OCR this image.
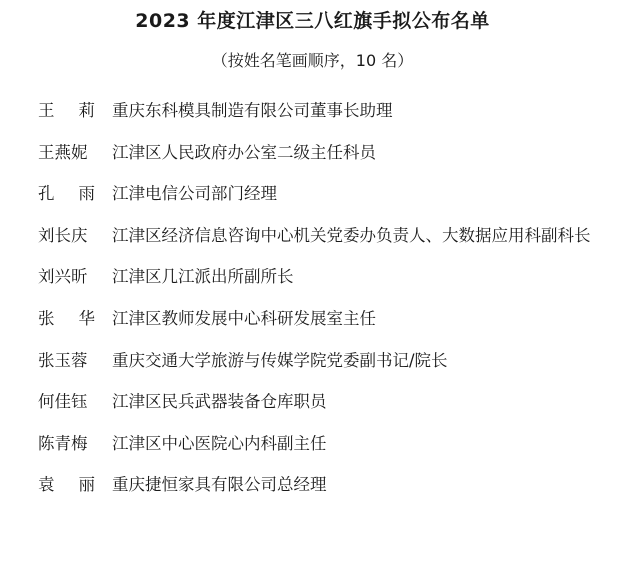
2023 年度江津区三八红旗手拟公布名单
（按姓名笔画顺序，10 名）
王 莉	重庆东科模具制造有限公司董事长助理
王燕妮	江津区人民政府办公室二级主任科员
孔 雨	江津电信公司部门经理
刘长庆	江津区经济信息咨询中心机关党委办负责人、大数据应用科副科长
刘兴昕	江津区几江派出所副所长
张 华	江津区教师发展中心科研发展室主任
张玉蓉	重庆交通大学旅游与传媒学院党委副书记/院长
何佳钰	江津区民兵武器装备仓库职员
陈青梅	江津区中心医院心内科副主任
袁 丽	重庆捷恒家具有限公司总经理
